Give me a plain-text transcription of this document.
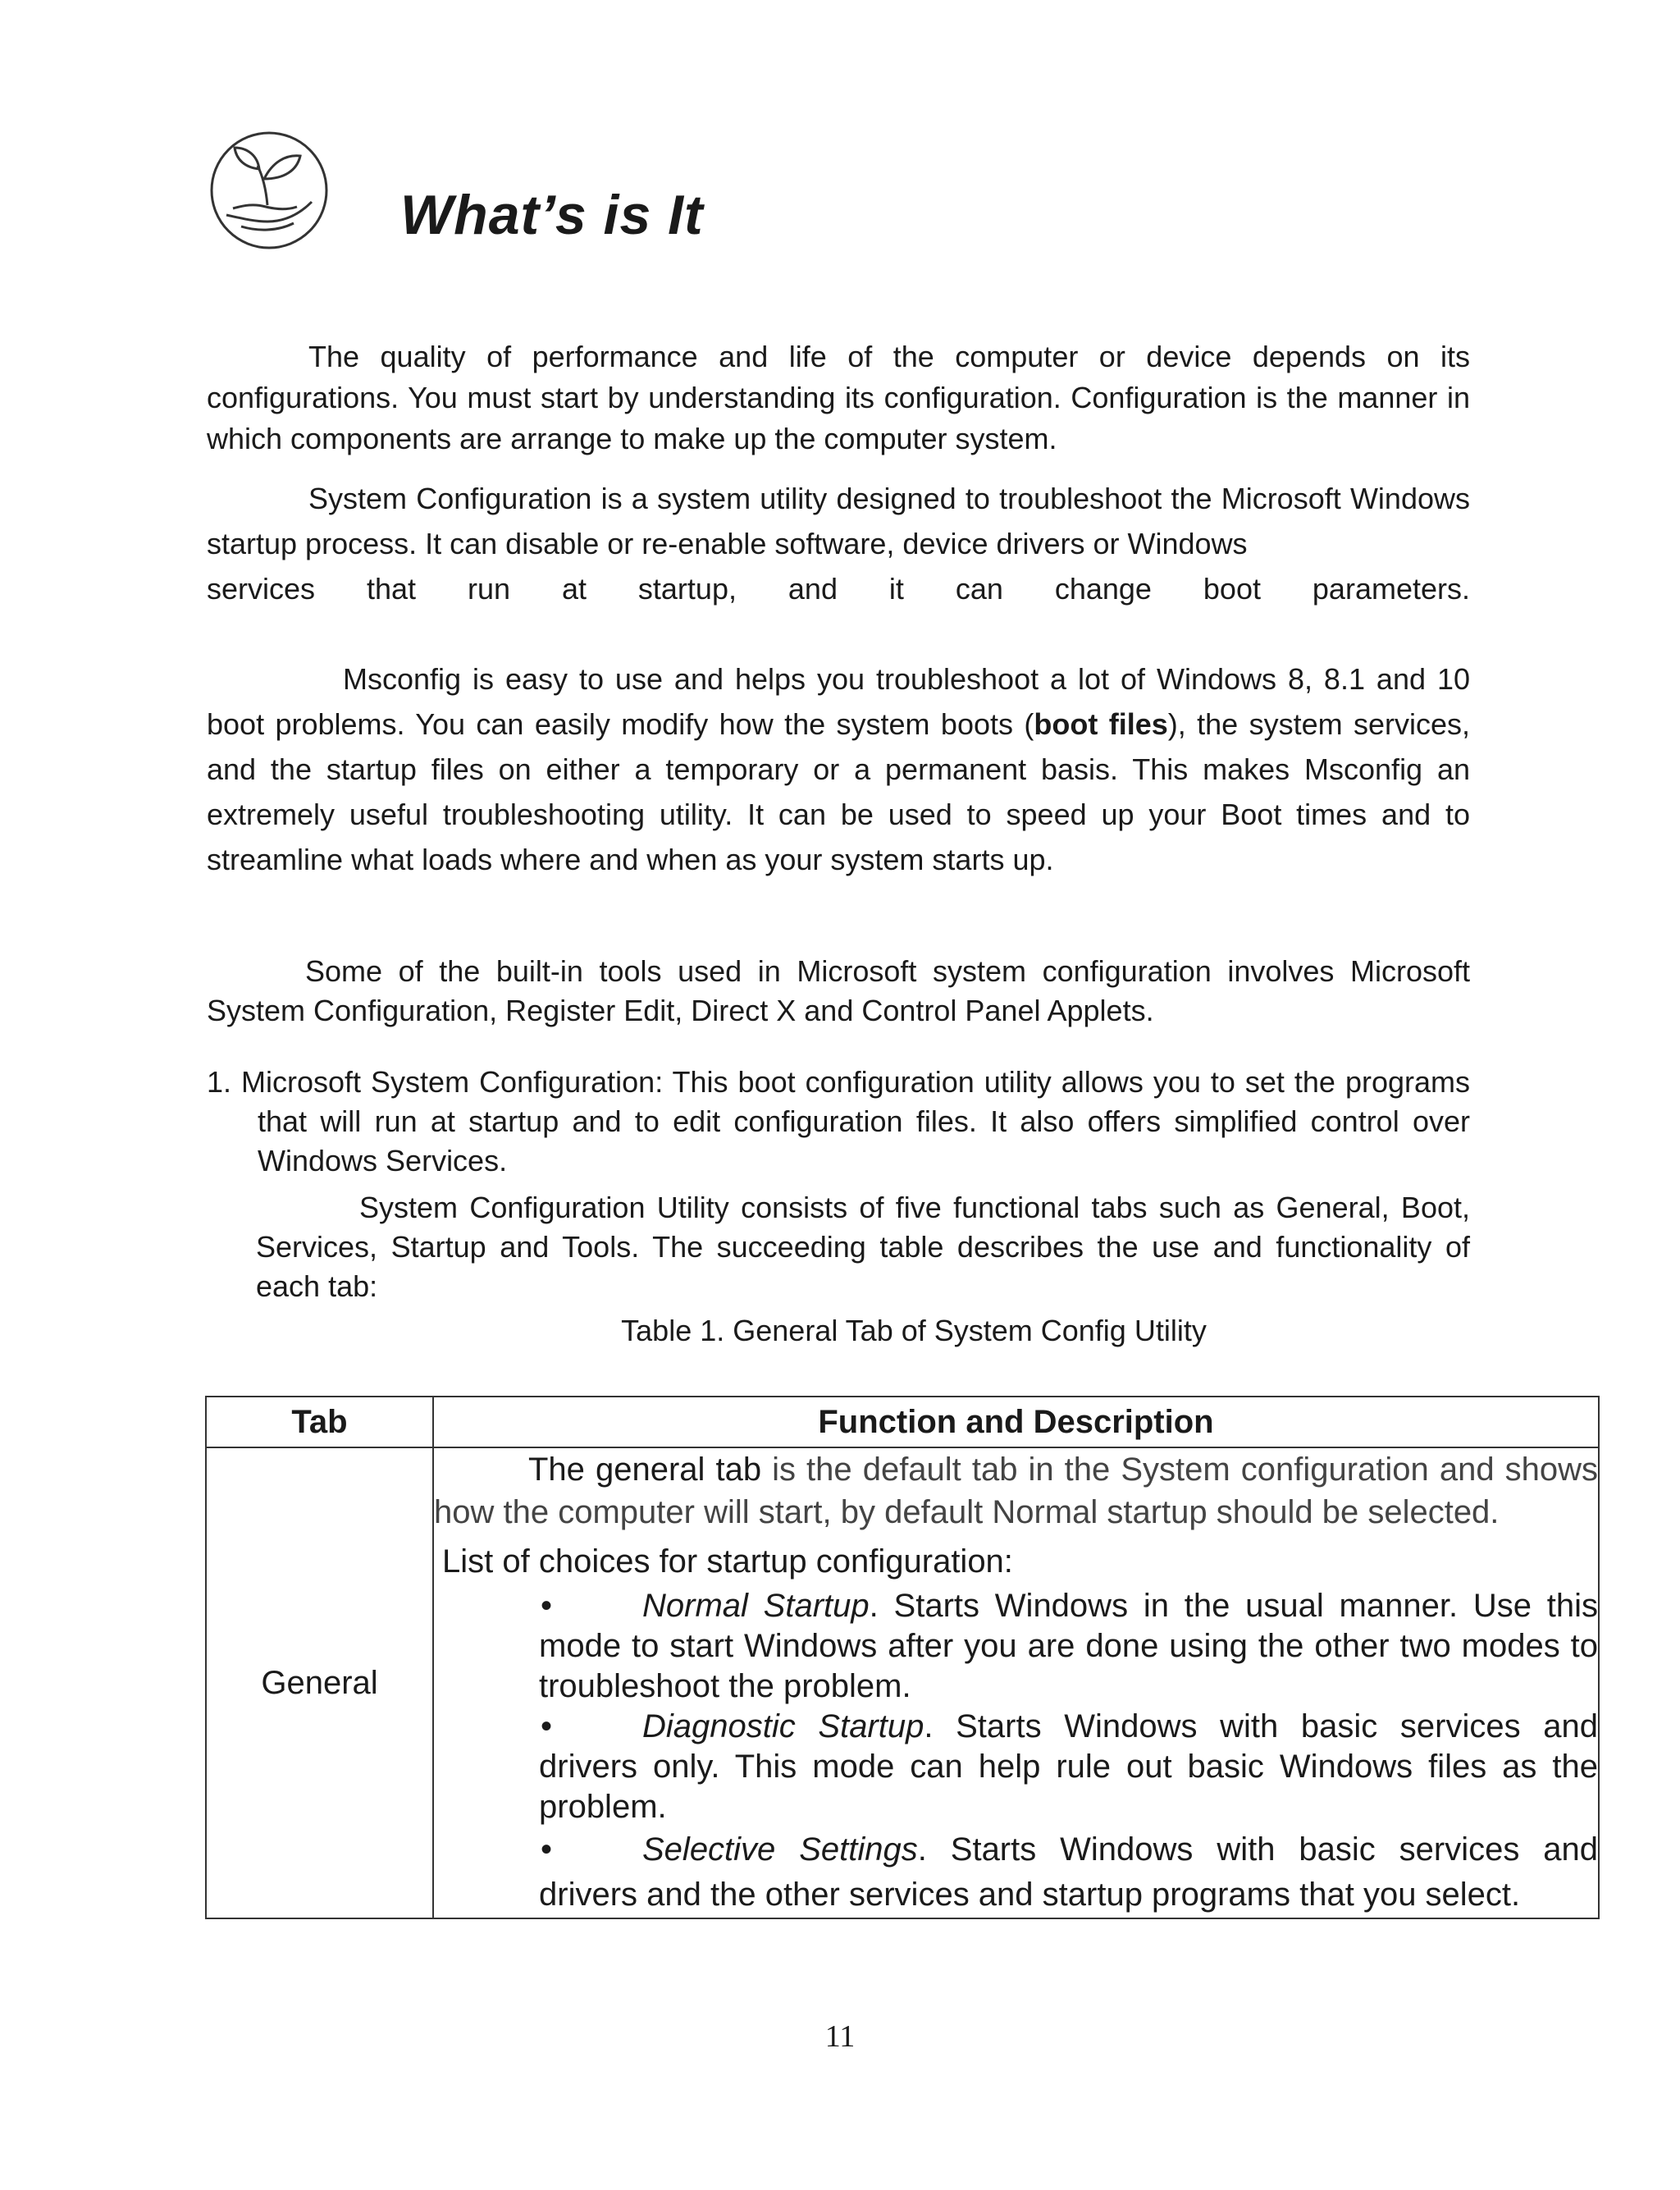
What’s is It

The quality of performance and life of the computer or device depends on its configurations. You must start by understanding its configuration. Configuration is the manner in which components are arrange to make up the computer system.

System Configuration is a system utility designed to troubleshoot the Microsoft Windows startup process. It can disable or re-enable software, device drivers or Windows

services that run at startup, and it can change boot parameters.

Msconfig is easy to use and helps you troubleshoot a lot of Windows 8, 8.1 and 10 boot problems. You can easily modify how the system boots (boot files), the system services, and the startup files on either a temporary or a permanent basis. This makes Msconfig an extremely useful troubleshooting utility. It can be used to speed up your Boot times and to streamline what loads where and when as your system starts up.

Some of the built-in tools used in Microsoft system configuration involves Microsoft System Configuration, Register Edit, Direct X and Control Panel Applets.

1. Microsoft System Configuration: This boot configuration utility allows you to set the programs that will run at startup and to edit configuration files. It also offers simplified control over Windows Services.

System Configuration Utility consists of five functional tabs such as General, Boot, Services, Startup and Tools. The succeeding table describes the use and functionality of each tab:

Table 1. General Tab of System Config Utility

Tab	Function and Description
General	The general tab is the default tab in the System configuration and shows how the computer will start, by default Normal startup should be selected.

List of choices for startup configuration:

• Normal Startup. Starts Windows in the usual manner. Use this mode to start Windows after you are done using the other two modes to troubleshoot the problem.

• Diagnostic Startup. Starts Windows with basic services and drivers only. This mode can help rule out basic Windows files as the problem.

• Selective Settings. Starts Windows with basic services and drivers and the other services and startup programs that you select.

11
